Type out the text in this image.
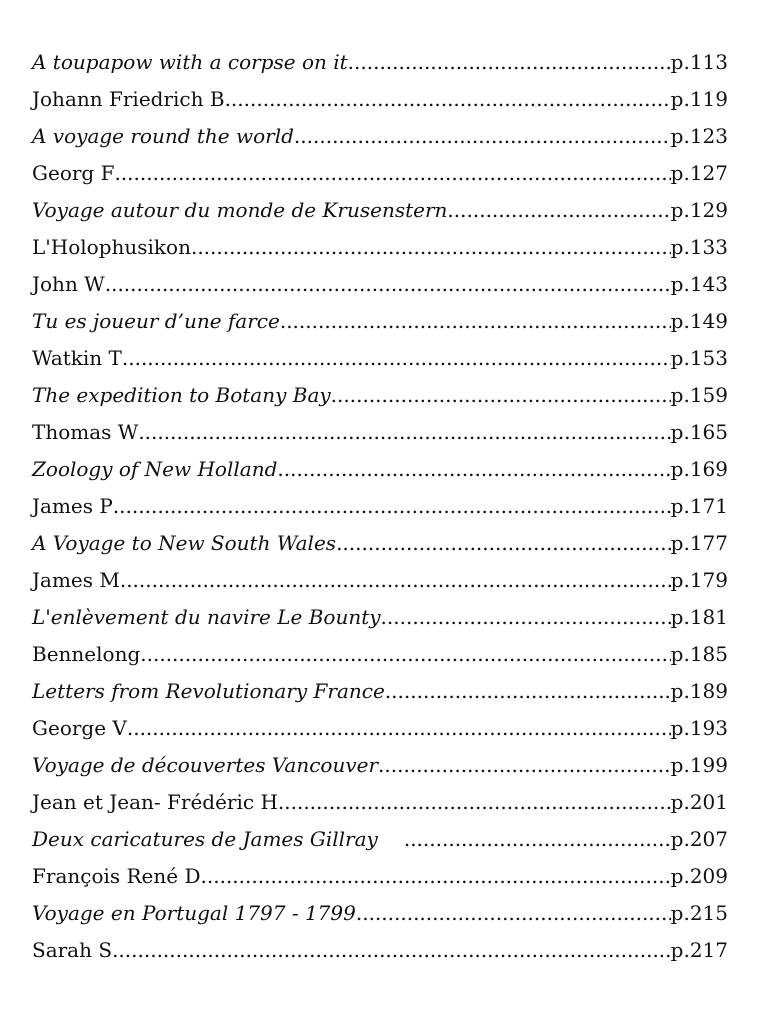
A toupapow with a corpse on it .....	p.113
Johann Friedrich B .....	p.119
A voyage round the world .....	p.123
Georg F .....	p.127
Voyage autour du monde de Krusenstern .....	p.129
L'Holophusikon .....	p.133
John W .....	p.143
Tu es joueur d’une farce .....	p.149
Watkin T .....	p.153
The expedition to Botany Bay .....	p.159
Thomas W .....	p.165
Zoology of New Holland .....	p.169
James P .....	p.171
A Voyage to New South Wales .....	p.177
James M .....	p.179
L'enlèvement du navire Le Bounty .....	p.181
Bennelong .....	p.185
Letters from Revolutionary France .....	p.189
George V .....	p.193
Voyage de découvertes Vancouver .....	p.199
Jean et Jean- Frédéric H .....	p.201
Deux caricatures de James Gillray .....	p.207
François René D .....	p.209
Voyage en Portugal 1797 - 1799 .....	p.215
Sarah S .....	p.217
